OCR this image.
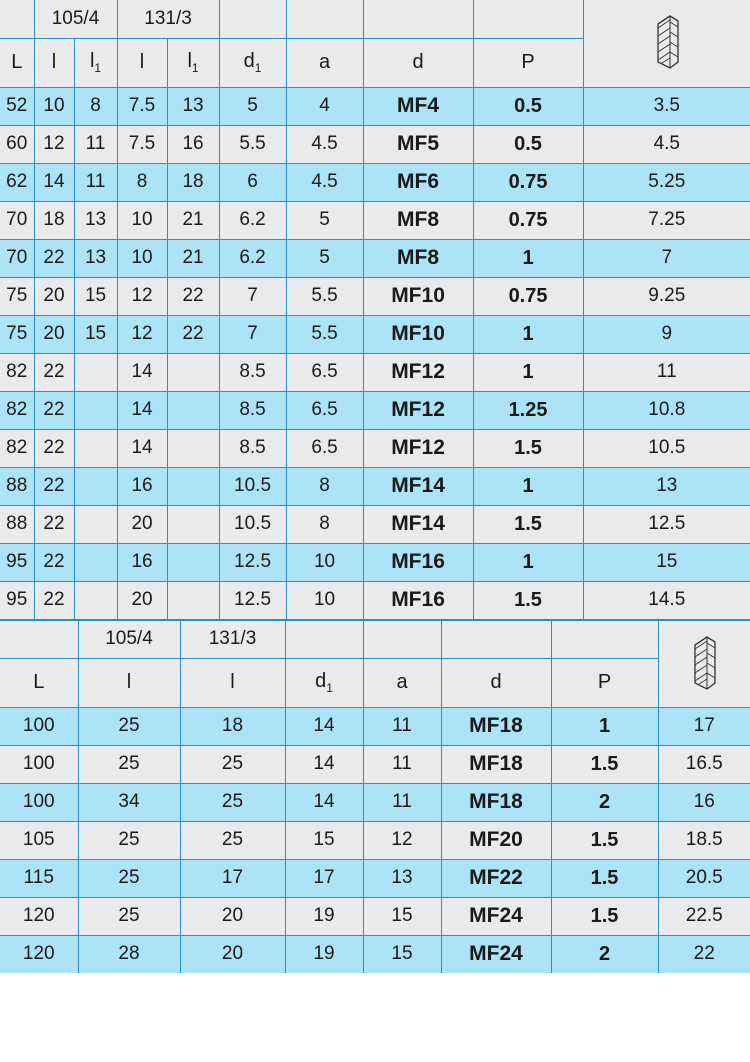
	105/4		131/3					

L	l	$l_1$	l	$l_1$	$d_1$	a	d	P	
52	10	8	7.5	13	5	4	MF4	0.5	3.5
60	12	11	7.5	16	5.5	4.5	MF5	0.5	4.5
62	14	11	8	18	6	4.5	MF6	0.75	5.25
70	18	13	10	21	6.2	5	MF8	0.75	7.25
70	22	13	10	21	6.2	5	MF8	1	7
75	20	15	12	22	7	5.5	MF10	0.75	9.25
75	20	15	12	22	7	5.5	MF10	1	9
82	22		14		8.5	6.5	MF12	1	11
82	22		14		8.5	6.5	MF12	1.25	10.8
82	22		14		8.5	6.5	MF12	1.5	10.5
88	22		16		10.5	8	MF14	1	13
88	22		20		10.5	8	MF14	1.5	12.5
95	22		16		12.5	10	MF16	1	15
95	22		20		12.5	10	MF16	1.5	14.5
	105/4	131/3					

L	l	l	$d_1$	a	d	P	
100	25	18	14	11	MF18	1	17
100	25	25	14	11	MF18	1.5	16.5
100	34	25	14	11	MF18	2	16
105	25	25	15	12	MF20	1.5	18.5
115	25	17	17	13	MF22	1.5	20.5
120	25	20	19	15	MF24	1.5	22.5
120	28	20	19	15	MF24	2	22
